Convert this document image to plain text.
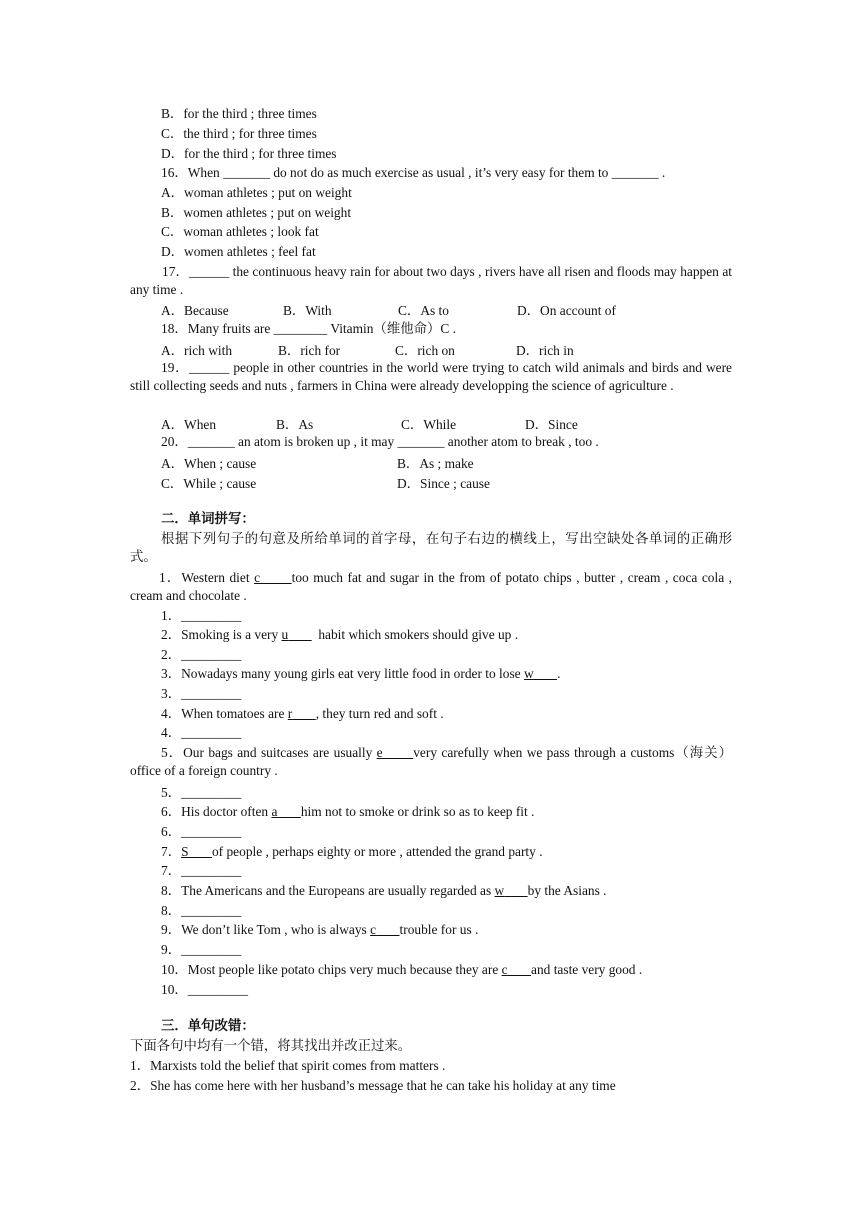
B．for the third ; three times
C．the third ; for three times
D．for the third ; for three times
16．When _______ do not do as much exercise as usual , it’s very easy for them to _______ .
A．woman athletes ; put on weight
B．women athletes ; put on weight
C．woman athletes ; look fat
D．women athletes ; feel fat
17．______ the continuous heavy rain for about two days , rivers have all risen and floods may happen at any time .
A．Because	B．With	C．As to	D．On account of
18．Many fruits are ________ Vitamin（维他命）C .
A．rich with	B．rich for	C．rich on	D．rich in
19．______ people in other countries in the world were trying to catch wild animals and birds and were still collecting seeds and nuts , farmers in China were already developping the science of agriculture .
A．When	B．As	C．While	D．Since
20．_______ an atom is broken up , it may _______ another atom to break , too .
A．When ; cause	B．As ; make
C．While ; cause	D．Since ; cause
二．单词拼写：
根据下列句子的句意及所给单词的首字母，在句子右边的横线上，写出空缺处各单词的正确形式。
1．Western diet c too much fat and sugar in the from of potato chips , butter , cream , coca cola , cream and chocolate .
1．_________
2．Smoking is a very u         habit which smokers should give up .
2．_________
3．Nowadays many young girls eat very little food in order to lose w .
3．_________
4．When tomatoes are r , they turn red and soft .
4．_________
5．Our bags and suitcases are usually e very carefully when we pass through a customs（海关）office of a foreign country .
5．_________
6．His doctor often a him not to smoke or drink so as to keep fit .
6．_________
7．S of people , perhaps eighty or more , attended the grand party .
7．_________
8．The Americans and the Europeans are usually regarded as w by the Asians .
8．_________
9．We don’t like Tom , who is always c trouble for us .
9．_________
10．Most people like potato chips very much because they are c and taste very good .
10．_________
三．单句改错：
下面各句中均有一个错，将其找出并改正过来。
1．Marxists told the belief that spirit comes from matters .
2．She has come here with her husband’s message that he can take his holiday at any time
